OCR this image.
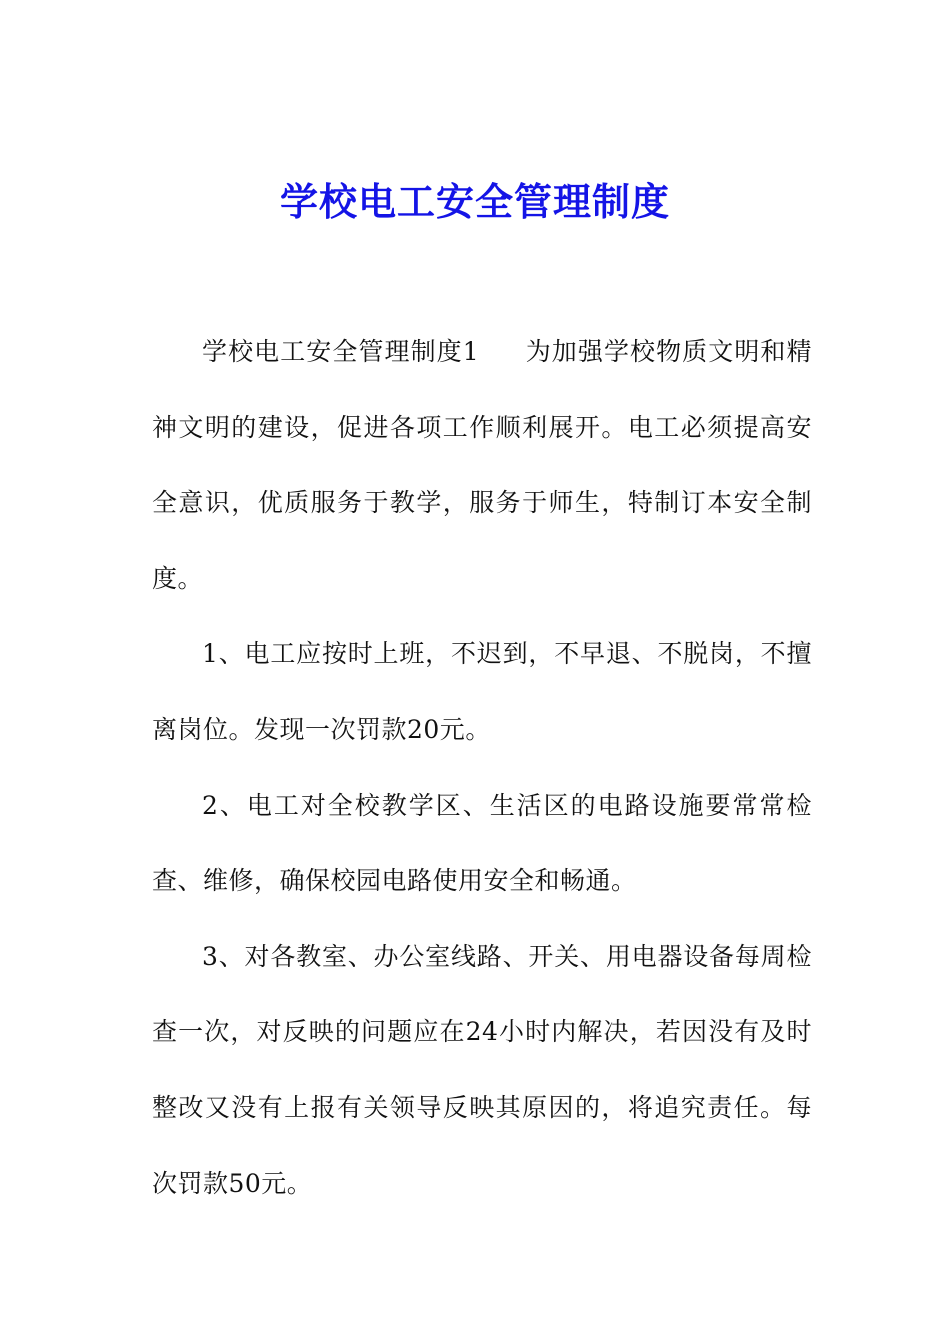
学校电工安全管理制度

学校电工安全管理制度1 为加强学校物质文明和精神文明的建设，促进各项工作顺利展开。电工必须提高安全意识，优质服务于教学，服务于师生，特制订本安全制度。

1、电工应按时上班，不迟到，不早退、不脱岗，不擅离岗位。发现一次罚款20元。

2、电工对全校教学区、生活区的电路设施要常常检查、维修，确保校园电路使用安全和畅通。

3、对各教室、办公室线路、开关、用电器设备每周检查一次，对反映的问题应在24小时内解决，若因没有及时整改又没有上报有关领导反映其原因的，将追究责任。每次罚款50元。
